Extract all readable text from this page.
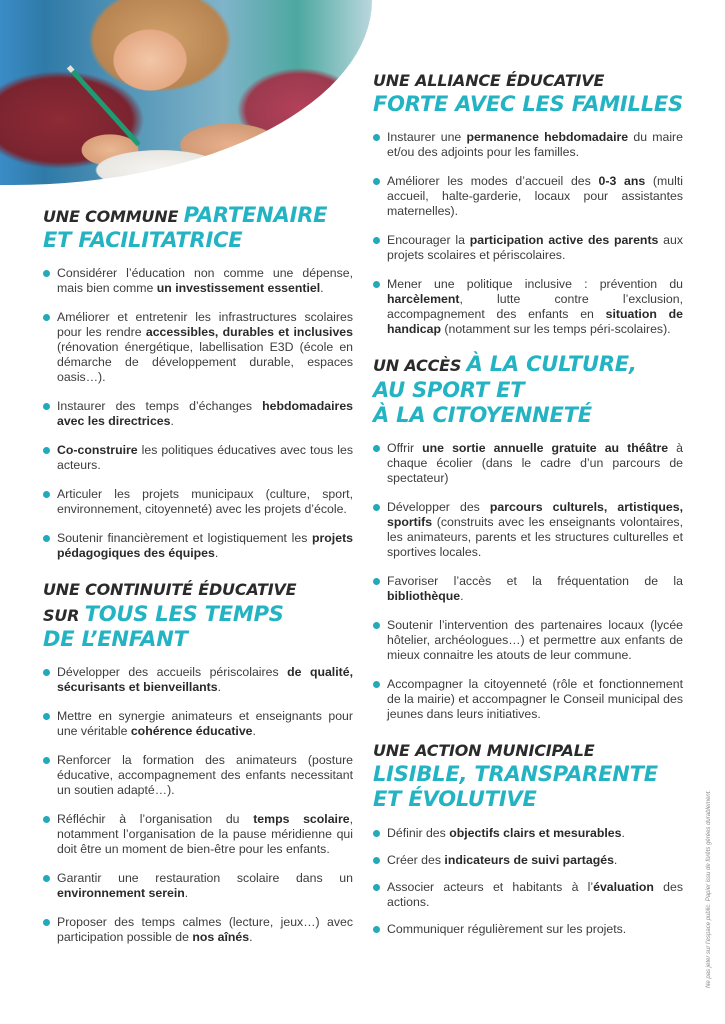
UNE COMMUNE PARTENAIRE
ET FACILITATRICE
Considérer l’éducation non comme une dépense, mais bien comme un investissement essentiel.
Améliorer et entretenir les infrastructures scolaires pour les rendre accessibles, durables et inclusives (rénovation énergétique, labellisation E3D (école en démarche de développement durable, espaces oasis…).
Instaurer des temps d’échanges hebdomadaires avec les directrices.
Co-construire les politiques éducatives avec tous les acteurs.
Articuler les projets municipaux (culture, sport, environnement, citoyenneté) avec les projets d’école.
Soutenir financièrement et logistiquement les projets pédagogiques des équipes.
UNE CONTINUITÉ ÉDUCATIVE
SUR TOUS LES TEMPS
DE L’ENFANT
Développer des accueils périscolaires de qualité, sécurisants et bienveillants.
Mettre en synergie animateurs et enseignants pour une véritable cohérence éducative.
Renforcer la formation des animateurs (posture éducative, accompagnement des enfants necessitant un soutien adapté…).
Réfléchir à l’organisation du temps scolaire, notamment l’organisation de la pause méridienne qui doit être un moment de bien-être pour les enfants.
Garantir une restauration scolaire dans un environnement serein.
Proposer des temps calmes (lecture, jeux…) avec participation possible de nos aînés.
UNE ALLIANCE ÉDUCATIVE
FORTE AVEC LES FAMILLES
Instaurer une permanence hebdomadaire du maire et/ou des adjoints pour les familles.
Améliorer les modes d’accueil des 0-3 ans (multi accueil, halte-garderie, locaux pour assistantes maternelles).
Encourager la participation active des parents aux projets scolaires et périscolaires.
Mener une politique inclusive : prévention du harcèlement, lutte contre l’exclusion, accompagnement des enfants en situation de handicap (notamment sur les temps péri-scolaires).
UN ACCÈS À LA CULTURE,
AU SPORT ET
À LA CITOYENNETÉ
Offrir une sortie annuelle gratuite au théâtre à chaque écolier (dans le cadre d’un parcours de spectateur)
Développer des parcours culturels, artistiques, sportifs (construits avec les enseignants volontaires, les animateurs, parents et les structures culturelles et sportives locales.
Favoriser l’accès et la fréquentation de la bibliothèque.
Soutenir l’intervention des partenaires locaux (lycée hôtelier, archéologues…) et permettre aux enfants de mieux connaitre les atouts de leur commune.
Accompagner la citoyenneté (rôle et fonctionnement de la mairie) et accompagner le Conseil municipal des jeunes dans leurs initiatives.
UNE ACTION MUNICIPALE
LISIBLE, TRANSPARENTE
ET ÉVOLUTIVE
Définir des objectifs clairs et mesurables.
Créer des indicateurs de suivi partagés.
Associer acteurs et habitants à l’évaluation des actions.
Communiquer régulièrement sur les projets.	Ne pas jeter sur l’espace public. Papier issu de forêts gérées durablement.
